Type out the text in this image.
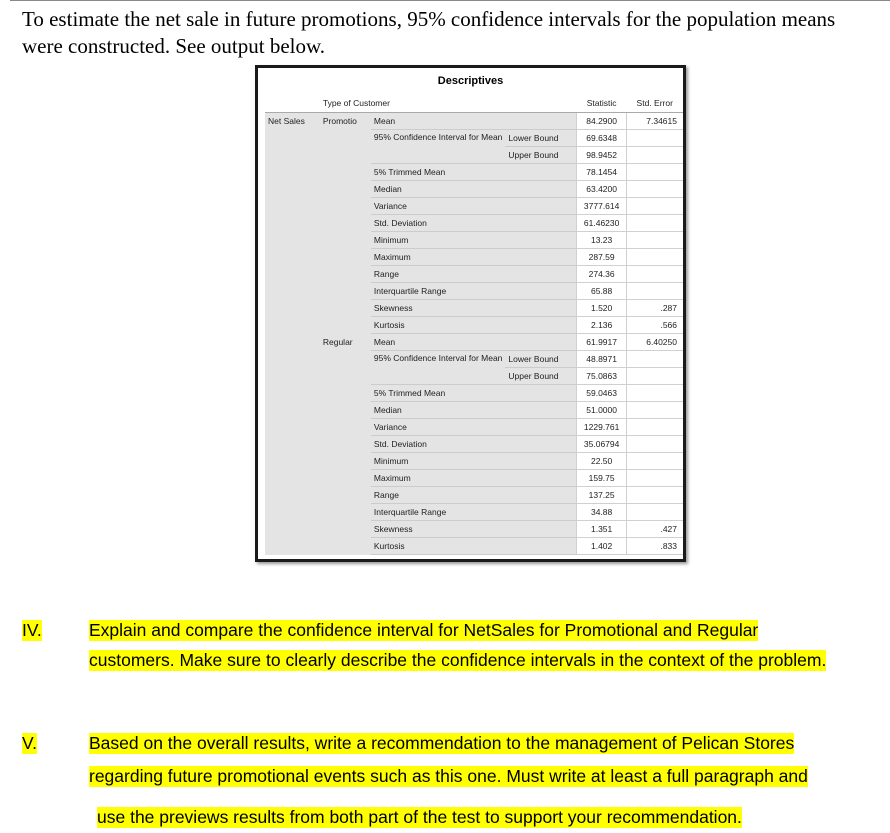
To estimate the net sale in future promotions, 95% confidence intervals for the population means
were constructed. See output below.
Descriptives
	Type of Customer			Statistic	Std. Error
Net Sales	Promotio	Mean		84.2900	7.34615
		95% Confidence Interval for Mean	Lower Bound	69.6348	
			Upper Bound	98.9452	
		5% Trimmed Mean		78.1454	
		Median		63.4200	
		Variance		3777.614	
		Std. Deviation		61.46230	
		Minimum		13.23	
		Maximum		287.59	
		Range		274.36	
		Interquartile Range		65.88	
		Skewness		1.520	.287
		Kurtosis		2.136	.566
	Regular	Mean		61.9917	6.40250
		95% Confidence Interval for Mean	Lower Bound	48.8971	
			Upper Bound	75.0863	
		5% Trimmed Mean		59.0463	
		Median		51.0000	
		Variance		1229.761	
		Std. Deviation		35.06794	
		Minimum		22.50	
		Maximum		159.75	
		Range		137.25	
		Interquartile Range		34.88	
		Skewness		1.351	.427
		Kurtosis		1.402	.833
IV.	Explain and compare the confidence interval for NetSales for Promotional and Regular
customers. Make sure to clearly describe the confidence intervals in the context of the problem.
V.	Based on the overall results, write a recommendation to the management of Pelican Stores
regarding future promotional events such as this one. Must write at least a full paragraph and
use the previews results from both part of the test to support your recommendation.
